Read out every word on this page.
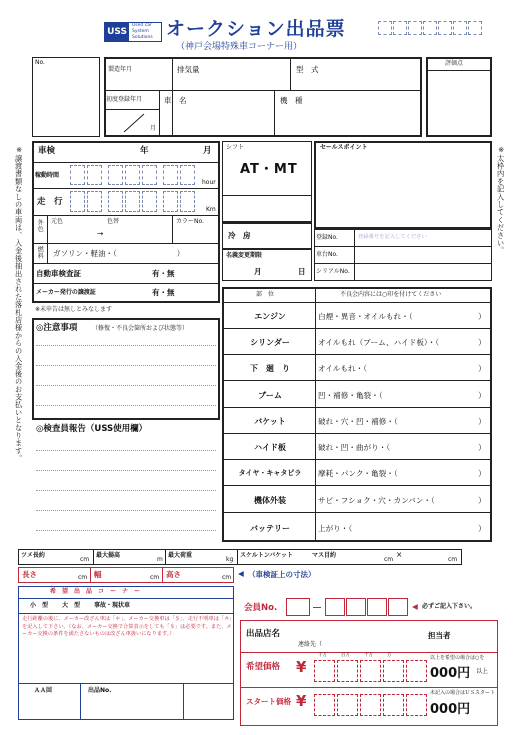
USS
Used car
System
Solutions オークション出品票
（神戸会場特殊車コーナー用）
No.
製造年月	排気量	型　式
初度登録年月
月
車　名	機　種
評価点
※譲渡書類なしの車両は、入金後抽出された落札店様からの入金後のお支払いとなります。	※太枠内を記入してください。
車検	年	月
稼動時間
hour
走　行
Km
外色 元色	色替
→
カラーNo.
燃料 ガソリン・軽油・（　　　　　　　　）
自動車検査証	有・無
メーカー発行の譲渡証	有・無
※未申告は無しとみなします
シフト
AT・MT
冷　房
名義変更期限
月	日
セールスポイント
登録No.	登録番号を記入してください
車台No.
シリアルNo.
◎注意事項 （修復・不良会箇所および状態等）
◎検査員報告（USS使用欄）
部　位	不良会内容には○印を付けてください
エンジン	白煙・異音・オイルもれ・（	）
シリンダー	オイルもれ（ブーム、ハイド板）・（	）
下　廻　り	オイルもれ・（	）
ブーム	凹・補修・亀裂・（	）
バケット	破れ・穴・凹・補修・（	）
ハイド板	破れ・凹・曲がり・（	）
タイヤ・キャタピラ	摩耗・パンク・亀裂・（	）
機体外装	サビ・フショク・穴・カンバン・（	）
バッテリー	上がり・（	）
ツメ長約
cm
最大揚高
m
最大荷重
kg
スケルトンバケット	マス目約
cm
×
cm
長さ	cm 幅	cm 高さ	cm ◀ （車検証上の寸法）
希　望　出　品　コ　ー　ナ　ー
小　型 大　型 事故・現状車
走行距離の後に、メーカー改ざん車は「＊」、メーカー交換車は「＄」、走行不明車は「＃」を記入して下さい。（なお、メーカー交換で合算表示をしても「＄」は必要です。また、メーカー交換の条件を満たさないものは改ざん車扱いになります。）
ＡＡ回	出品No.
会員No.	◀ 必ずご記入下さい。
出品店名
連絡先（
担当者
希望価格 ¥
千万	百万	十万	万
000円
以上を希望の場合は○を
以上
スタート価格 ¥	000円
未記入の場合はＵＳスタート
